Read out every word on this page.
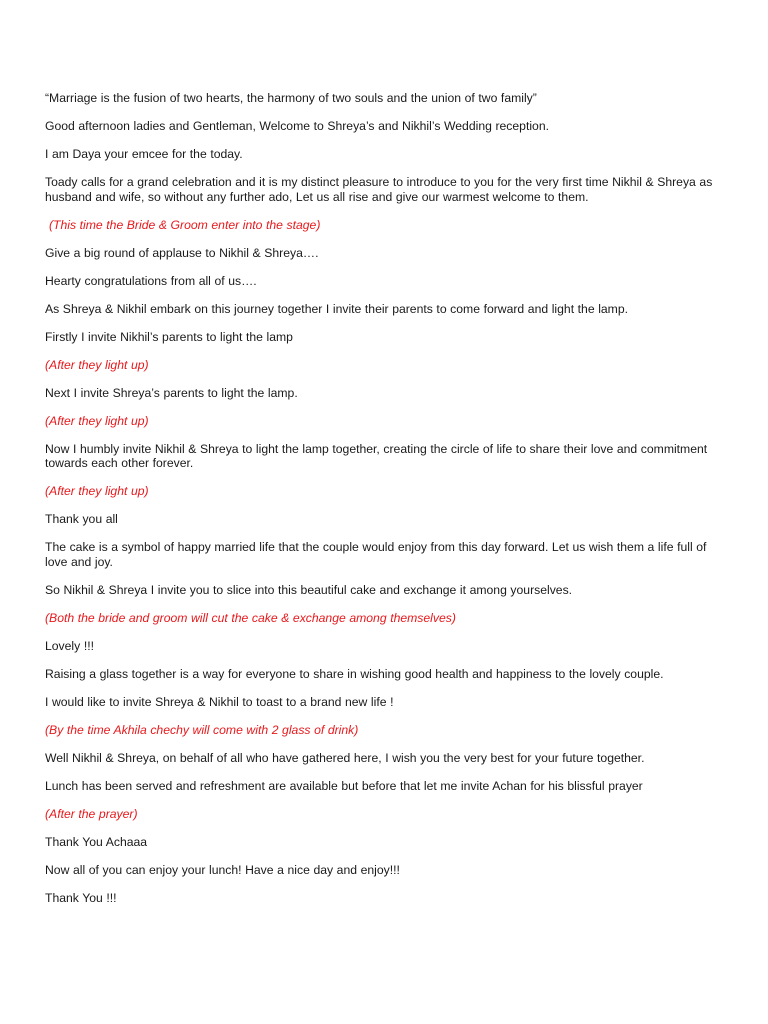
“Marriage is the fusion of two hearts, the harmony of two souls and the union of two family”

Good afternoon ladies and Gentleman, Welcome to Shreya’s and Nikhil’s Wedding reception.

I am Daya your emcee for the today.

Toady calls for a grand celebration and it is my distinct pleasure to introduce to you for the very first time Nikhil & Shreya as husband and wife, so without any further ado, Let us all rise and give our warmest welcome to them.

(This time the Bride & Groom enter into the stage)

Give a big round of applause to Nikhil & Shreya….

Hearty congratulations from all of us….

As Shreya & Nikhil embark on this journey together I invite their parents to come forward and light the lamp.

Firstly I invite Nikhil’s parents to light the lamp

(After they light up)

Next I invite Shreya’s parents to light the lamp.

(After they light up)

Now I humbly invite Nikhil & Shreya to light the lamp together, creating the circle of life to share their love and commitment towards each other forever.

(After they light up)

Thank you all

The cake is a symbol of happy married life that the couple would enjoy from this day forward. Let us wish them a life full of love and joy.

So Nikhil & Shreya I invite you to slice into this beautiful cake and exchange it among yourselves.

(Both the bride and groom will cut the cake & exchange among themselves)

Lovely !!!

Raising a glass together is a way for everyone to share in wishing good health and happiness to the lovely couple.

I would like to invite Shreya & Nikhil to toast to a brand new life !

(By the time Akhila chechy will come with 2 glass of drink)

Well Nikhil & Shreya, on behalf of all who have gathered here, I wish you the very best for your future together.

Lunch has been served and refreshment are available but before that let me invite Achan for his blissful prayer

(After the prayer)

Thank You Achaaa

Now all of you can enjoy your lunch! Have a nice day and enjoy!!!

Thank You !!!
